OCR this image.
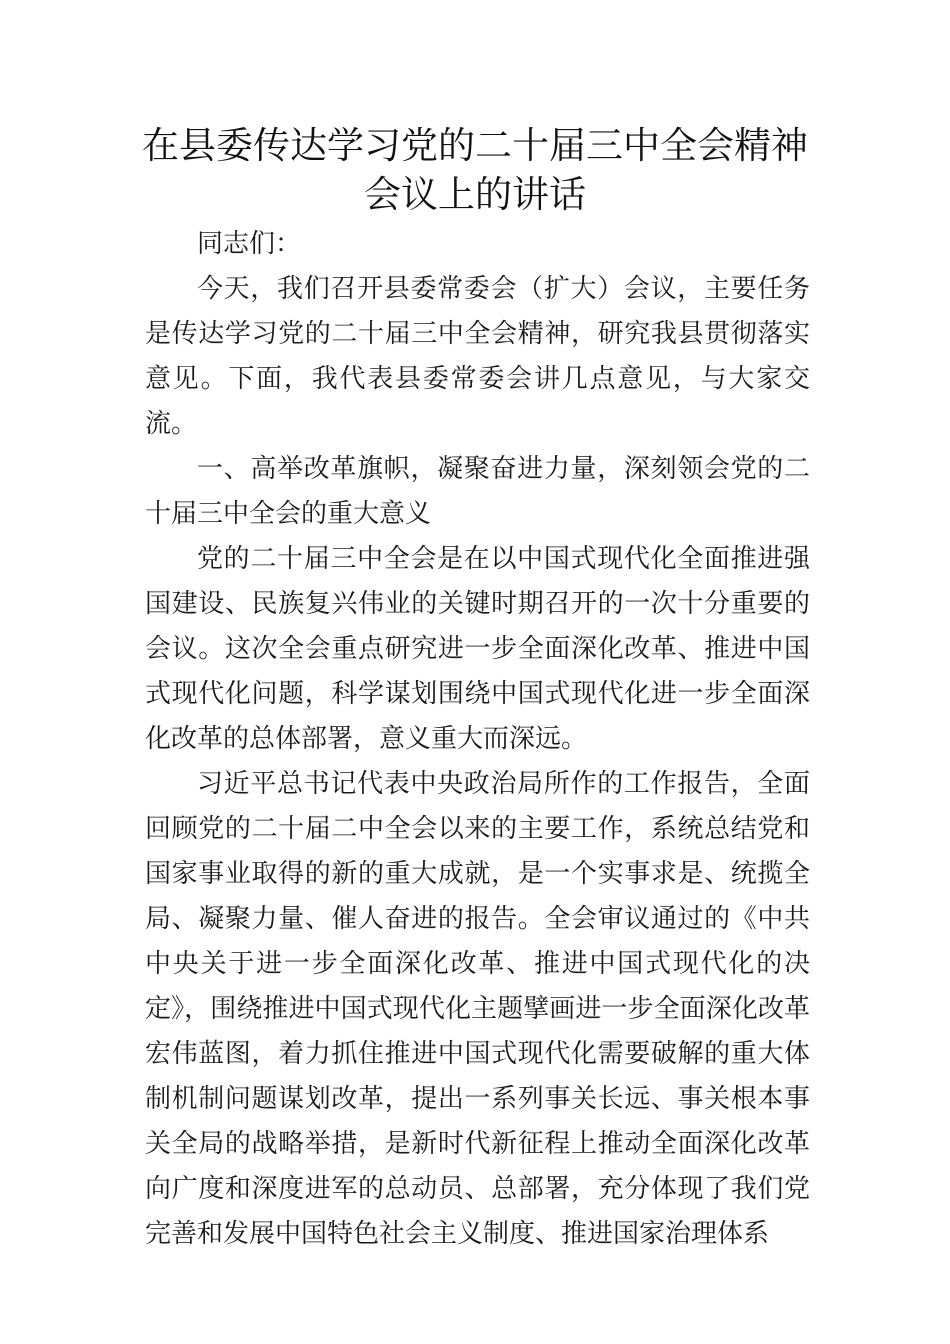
在县委传达学习党的二十届三中全会精神
会议上的讲话

同志们：

今天，我们召开县委常委会（扩大）会议，主要任务是传达学习党的二十届三中全会精神，研究我县贯彻落实意见。下面，我代表县委常委会讲几点意见，与大家交流。

一、高举改革旗帜，凝聚奋进力量，深刻领会党的二十届三中全会的重大意义

党的二十届三中全会是在以中国式现代化全面推进强国建设、民族复兴伟业的关键时期召开的一次十分重要的会议。这次全会重点研究进一步全面深化改革、推进中国式现代化问题，科学谋划围绕中国式现代化进一步全面深化改革的总体部署，意义重大而深远。

习近平总书记代表中央政治局所作的工作报告，全面回顾党的二十届二中全会以来的主要工作，系统总结党和国家事业取得的新的重大成就，是一个实事求是、统揽全局、凝聚力量、催人奋进的报告。全会审议通过的《中共中央关于进一步全面深化改革、推进中国式现代化的决定》，围绕推进中国式现代化主题擘画进一步全面深化改革宏伟蓝图，着力抓住推进中国式现代化需要破解的重大体制机制问题谋划改革，提出一系列事关长远、事关根本事关全局的战略举措，是新时代新征程上推动全面深化改革向广度和深度进军的总动员、总部署，充分体现了我们党完善和发展中国特色社会主义制度、推进国家治理体系
